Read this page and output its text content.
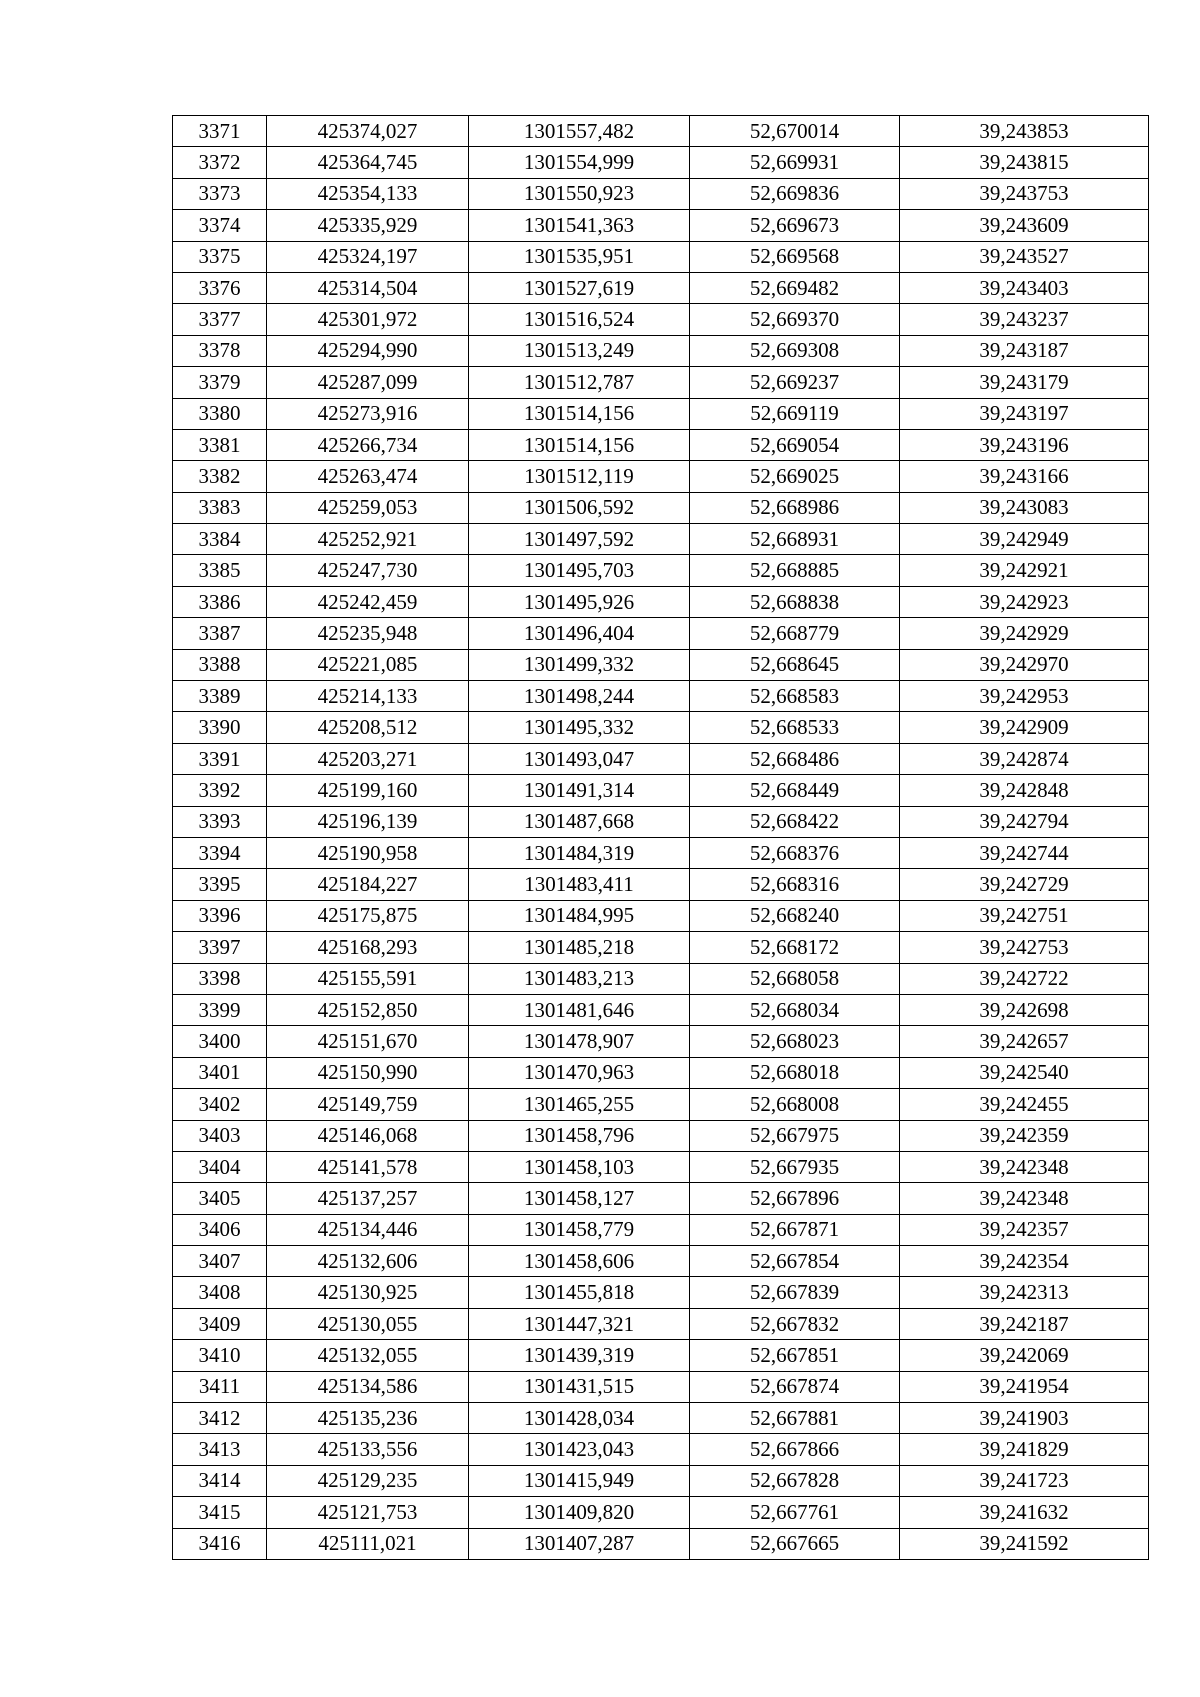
3371	425374,027	1301557,482	52,670014	39,243853
3372	425364,745	1301554,999	52,669931	39,243815
3373	425354,133	1301550,923	52,669836	39,243753
3374	425335,929	1301541,363	52,669673	39,243609
3375	425324,197	1301535,951	52,669568	39,243527
3376	425314,504	1301527,619	52,669482	39,243403
3377	425301,972	1301516,524	52,669370	39,243237
3378	425294,990	1301513,249	52,669308	39,243187
3379	425287,099	1301512,787	52,669237	39,243179
3380	425273,916	1301514,156	52,669119	39,243197
3381	425266,734	1301514,156	52,669054	39,243196
3382	425263,474	1301512,119	52,669025	39,243166
3383	425259,053	1301506,592	52,668986	39,243083
3384	425252,921	1301497,592	52,668931	39,242949
3385	425247,730	1301495,703	52,668885	39,242921
3386	425242,459	1301495,926	52,668838	39,242923
3387	425235,948	1301496,404	52,668779	39,242929
3388	425221,085	1301499,332	52,668645	39,242970
3389	425214,133	1301498,244	52,668583	39,242953
3390	425208,512	1301495,332	52,668533	39,242909
3391	425203,271	1301493,047	52,668486	39,242874
3392	425199,160	1301491,314	52,668449	39,242848
3393	425196,139	1301487,668	52,668422	39,242794
3394	425190,958	1301484,319	52,668376	39,242744
3395	425184,227	1301483,411	52,668316	39,242729
3396	425175,875	1301484,995	52,668240	39,242751
3397	425168,293	1301485,218	52,668172	39,242753
3398	425155,591	1301483,213	52,668058	39,242722
3399	425152,850	1301481,646	52,668034	39,242698
3400	425151,670	1301478,907	52,668023	39,242657
3401	425150,990	1301470,963	52,668018	39,242540
3402	425149,759	1301465,255	52,668008	39,242455
3403	425146,068	1301458,796	52,667975	39,242359
3404	425141,578	1301458,103	52,667935	39,242348
3405	425137,257	1301458,127	52,667896	39,242348
3406	425134,446	1301458,779	52,667871	39,242357
3407	425132,606	1301458,606	52,667854	39,242354
3408	425130,925	1301455,818	52,667839	39,242313
3409	425130,055	1301447,321	52,667832	39,242187
3410	425132,055	1301439,319	52,667851	39,242069
3411	425134,586	1301431,515	52,667874	39,241954
3412	425135,236	1301428,034	52,667881	39,241903
3413	425133,556	1301423,043	52,667866	39,241829
3414	425129,235	1301415,949	52,667828	39,241723
3415	425121,753	1301409,820	52,667761	39,241632
3416	425111,021	1301407,287	52,667665	39,241592
